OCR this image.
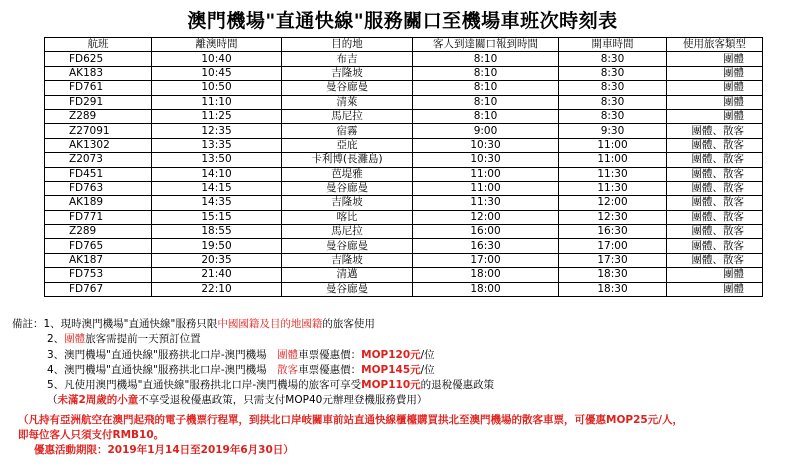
澳門機場"直通快線"服務關口至機場車班次時刻表
航班	離澳時間	目的地	客人到達關口報到時間	開車時間	使用旅客類型
FD625	10:40	布吉	8:10	8:30	團體
AK183	10:45	吉隆坡	8:10	8:30	團體
FD761	10:50	曼谷廊曼	8:10	8:30	團體
FD291	11:10	清萊	8:10	8:30	團體
Z289	11:25	馬尼拉	8:10	8:30	團體
Z27091	12:35	宿霧	9:00	9:30	團體、散客
AK1302	13:35	亞庇	10:30	11:00	團體、散客
Z2073	13:50	卡利博(長灘島)	10:30	11:00	團體、散客
FD451	14:10	芭堤雅	11:00	11:30	團體、散客
FD763	14:15	曼谷廊曼	11:00	11:30	團體、散客
AK189	14:35	吉隆坡	11:30	12:00	團體、散客
FD771	15:15	喀比	12:00	12:30	團體、散客
Z289	18:55	馬尼拉	16:00	16:30	團體、散客
FD765	19:50	曼谷廊曼	16:30	17:00	團體、散客
AK187	20:35	吉隆坡	17:00	17:30	團體、散客
FD753	21:40	清邁	18:00	18:30	團體
FD767	22:10	曼谷廊曼	18:00	18:30	團體
備註：1、現時澳門機場"直通快線"服務只限中國國籍及目的地國籍的旅客使用
2、團體旅客需提前一天預訂位置
3、澳門機場"直通快線"服務拱北口岸-澳門機場　團體車票優惠價：MOP120元/位
4、澳門機場"直通快線"服務拱北口岸-澳門機場　散客車票優惠價：MOP145元/位
5、凡使用澳門機場"直通快線"服務拱北口岸-澳門機場的旅客可享受MOP110元的退稅優惠政策
（未滿2周歲的小童不享受退稅優惠政策，只需支付MOP40元辦理登機服務費用）
（凡持有亞洲航空在澳門起飛的電子機票行程單，到拱北口岸岐關車前站直通快線櫃檯購買拱北至澳門機場的散客車票，可優惠MOP25元/人，
即每位客人只須支付RMB10。
優惠活動期限：2019年1月14日至2019年6月30日）
